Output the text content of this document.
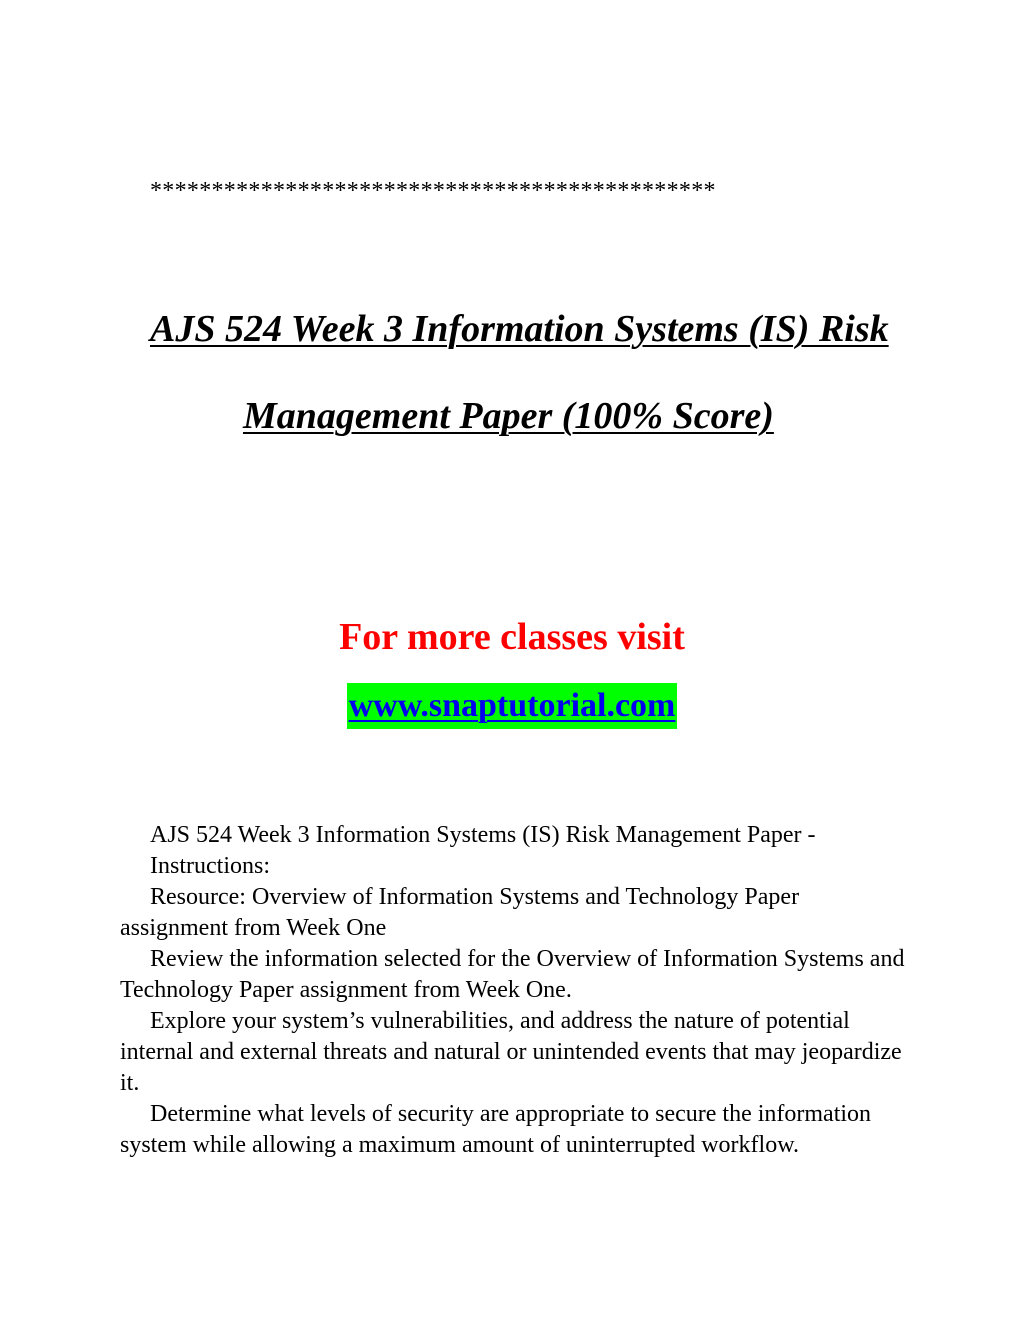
**********************************************
AJS 524 Week 3 Information Systems (IS) Risk
Management Paper (100% Score)
For more classes visit
www.snaptutorial.com

AJS 524 Week 3 Information Systems (IS) Risk Management Paper - Instructions:

Resource: Overview of Information Systems and Technology Paper assignment from Week One

Review the information selected for the Overview of Information Systems and Technology Paper assignment from Week One.

Explore your system’s vulnerabilities, and address the nature of potential internal and external threats and natural or unintended events that may jeopardize it.

Determine what levels of security are appropriate to secure the information system while allowing a maximum amount of uninterrupted workflow.
